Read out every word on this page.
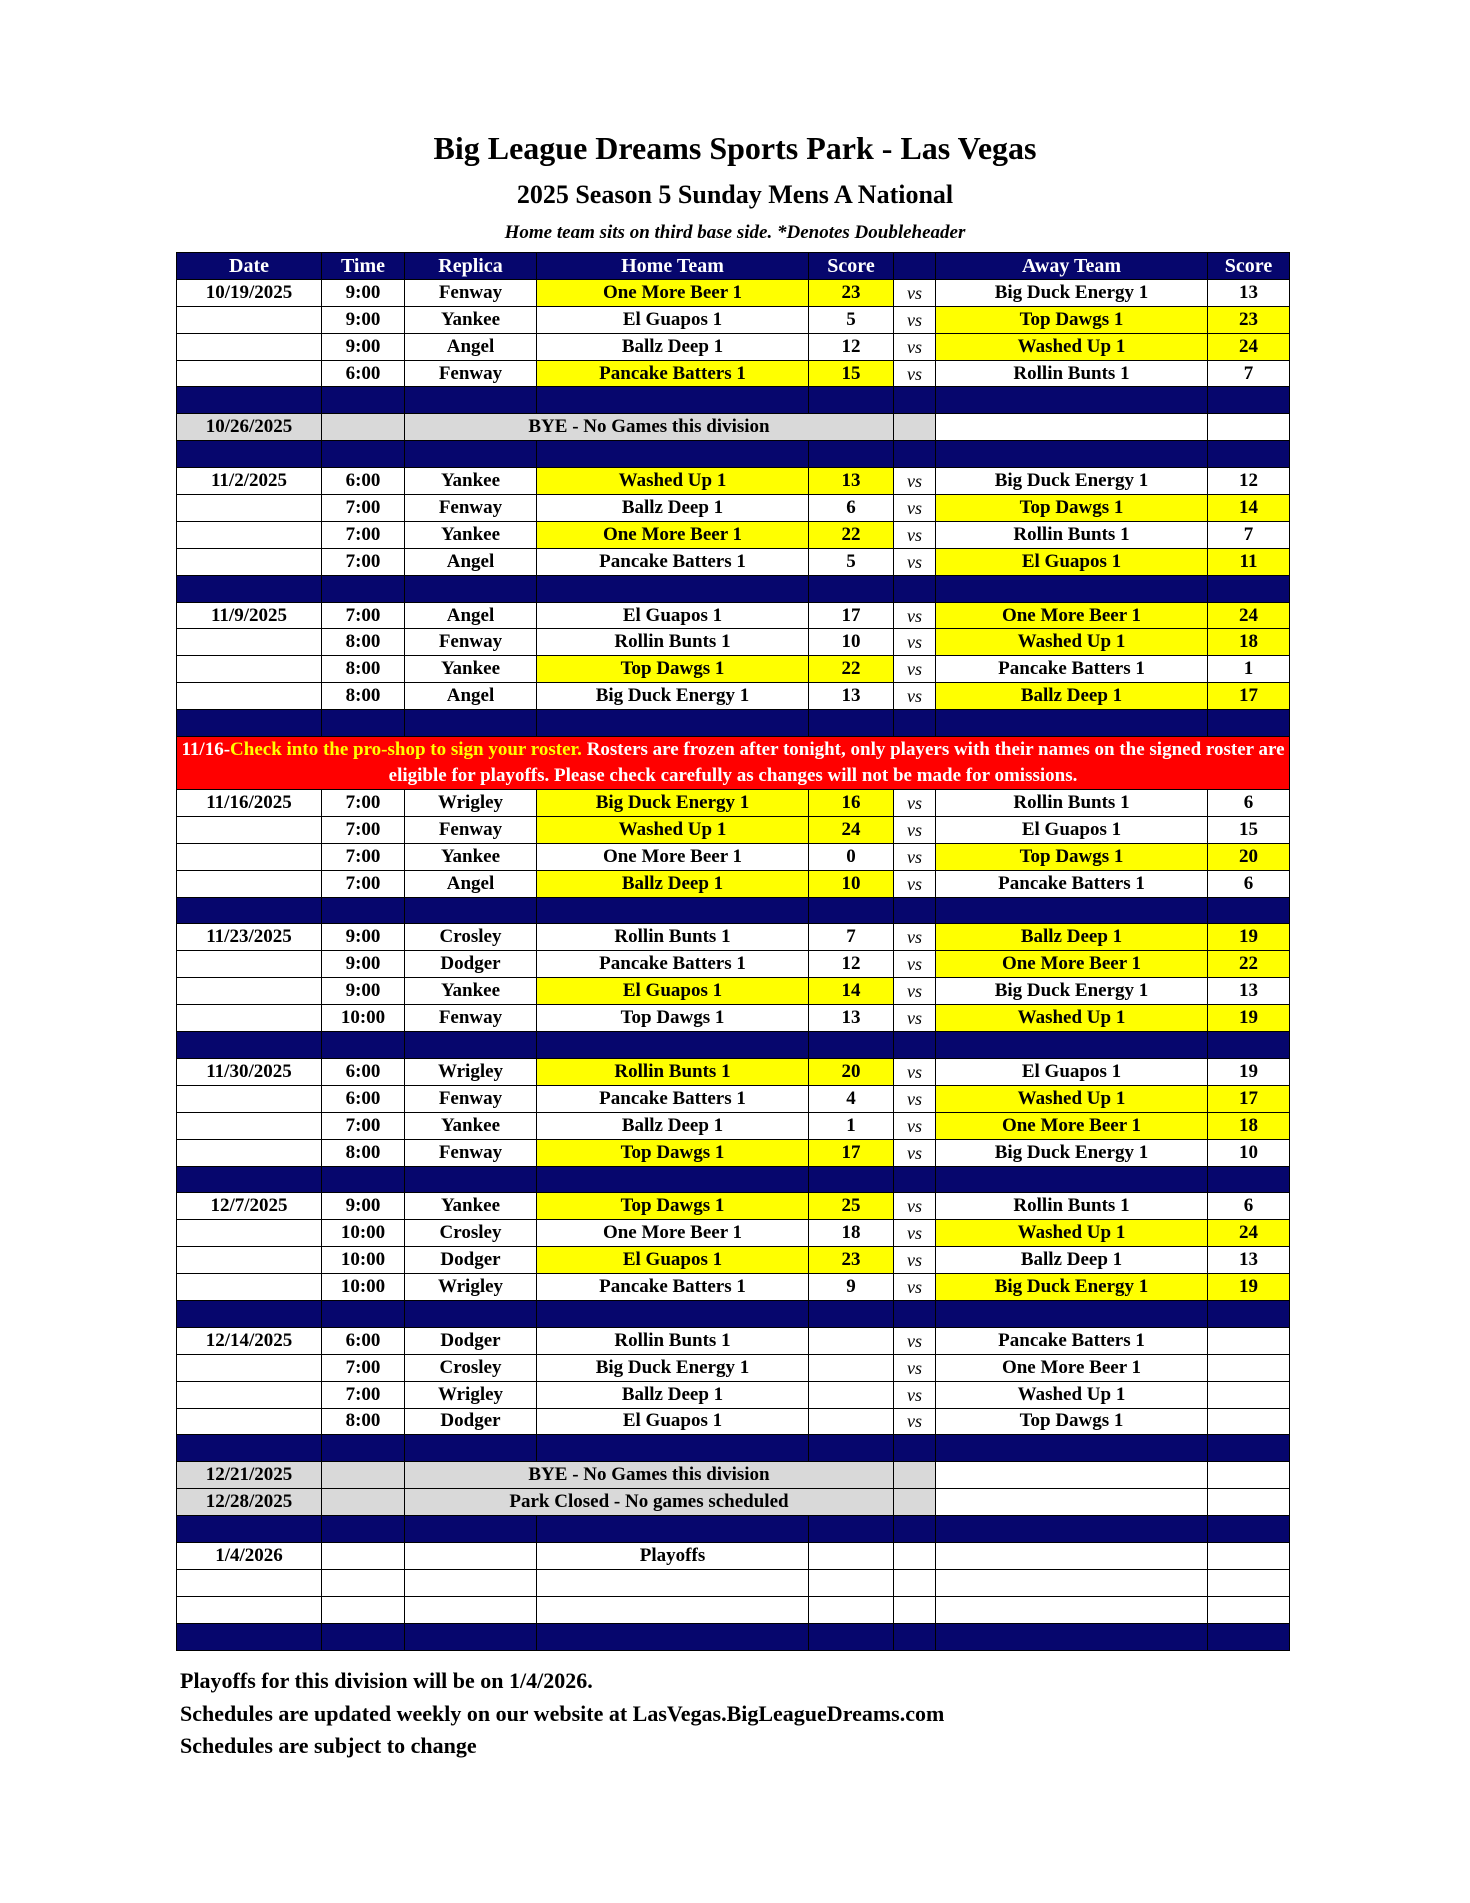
Big League Dreams Sports Park - Las Vegas
2025 Season 5 Sunday Mens A National
Home team sits on third base side. *Denotes Doubleheader
Date	Time	Replica	Home Team	Score		Away Team	Score
10/19/2025	9:00	Fenway	One More Beer 1	23	vs	Big Duck Energy 1	13
	9:00	Yankee	El Guapos 1	5	vs	Top Dawgs 1	23
	9:00	Angel	Ballz Deep 1	12	vs	Washed Up 1	24
	6:00	Fenway	Pancake Batters 1	15	vs	Rollin Bunts 1	7

10/26/2025		BYE - No Games this division					

11/2/2025	6:00	Yankee	Washed Up 1	13	vs	Big Duck Energy 1	12
	7:00	Fenway	Ballz Deep 1	6	vs	Top Dawgs 1	14
	7:00	Yankee	One More Beer 1	22	vs	Rollin Bunts 1	7
	7:00	Angel	Pancake Batters 1	5	vs	El Guapos 1	11

11/9/2025	7:00	Angel	El Guapos 1	17	vs	One More Beer 1	24
	8:00	Fenway	Rollin Bunts 1	10	vs	Washed Up 1	18
	8:00	Yankee	Top Dawgs 1	22	vs	Pancake Batters 1	1
	8:00	Angel	Big Duck Energy 1	13	vs	Ballz Deep 1	17

11/16-Check into the pro-shop to sign your roster. Rosters are frozen after tonight, only players with their names on the signed roster are eligible for playoffs. Please check carefully as changes will not be made for omissions.							
11/16/2025	7:00	Wrigley	Big Duck Energy 1	16	vs	Rollin Bunts 1	6
	7:00	Fenway	Washed Up 1	24	vs	El Guapos 1	15
	7:00	Yankee	One More Beer 1	0	vs	Top Dawgs 1	20
	7:00	Angel	Ballz Deep 1	10	vs	Pancake Batters 1	6

11/23/2025	9:00	Crosley	Rollin Bunts 1	7	vs	Ballz Deep 1	19
	9:00	Dodger	Pancake Batters 1	12	vs	One More Beer 1	22
	9:00	Yankee	El Guapos 1	14	vs	Big Duck Energy 1	13
	10:00	Fenway	Top Dawgs 1	13	vs	Washed Up 1	19

11/30/2025	6:00	Wrigley	Rollin Bunts 1	20	vs	El Guapos 1	19
	6:00	Fenway	Pancake Batters 1	4	vs	Washed Up 1	17
	7:00	Yankee	Ballz Deep 1	1	vs	One More Beer 1	18
	8:00	Fenway	Top Dawgs 1	17	vs	Big Duck Energy 1	10

12/7/2025	9:00	Yankee	Top Dawgs 1	25	vs	Rollin Bunts 1	6
	10:00	Crosley	One More Beer 1	18	vs	Washed Up 1	24
	10:00	Dodger	El Guapos 1	23	vs	Ballz Deep 1	13
	10:00	Wrigley	Pancake Batters 1	9	vs	Big Duck Energy 1	19

12/14/2025	6:00	Dodger	Rollin Bunts 1		vs	Pancake Batters 1	
	7:00	Crosley	Big Duck Energy 1		vs	One More Beer 1	
	7:00	Wrigley	Ballz Deep 1		vs	Washed Up 1	
	8:00	Dodger	El Guapos 1		vs	Top Dawgs 1	

12/21/2025		BYE - No Games this division					
12/28/2025		Park Closed - No games scheduled					

1/4/2026			Playoffs				

Playoffs for this division will be on 1/4/2026.
Schedules are updated weekly on our website at LasVegas.BigLeagueDreams.com
Schedules are subject to change
